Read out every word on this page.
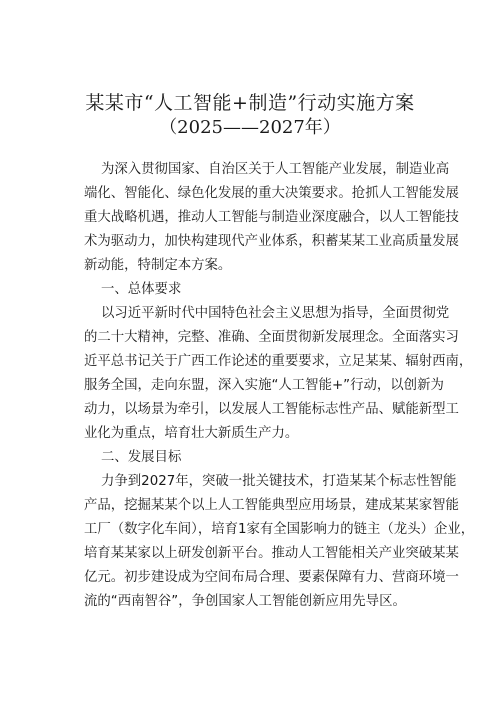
某某市“人工智能+制造”行动实施方案
（2025——2027年）
为深入贯彻国家、自治区关于人工智能产业发展，制造业高
端化、智能化、绿色化发展的重大决策要求。抢抓人工智能发展
重大战略机遇，推动人工智能与制造业深度融合，以人工智能技
术为驱动力，加快构建现代产业体系，积蓄某某工业高质量发展
新动能，特制定本方案。
一、总体要求
以习近平新时代中国特色社会主义思想为指导，全面贯彻党
的二十大精神，完整、准确、全面贯彻新发展理念。全面落实习
近平总书记关于广西工作论述的重要要求，立足某某、辐射西南，
服务全国，走向东盟，深入实施“人工智能+”行动，以创新为
动力，以场景为牵引，以发展人工智能标志性产品、赋能新型工
业化为重点，培育壮大新质生产力。
二、发展目标
力争到2027年，突破一批关键技术，打造某某个标志性智能
产品，挖掘某某个以上人工智能典型应用场景，建成某某家智能
工厂（数字化车间），培育1家有全国影响力的链主（龙头）企业，
培育某某家以上研发创新平台。推动人工智能相关产业突破某某
亿元。初步建设成为空间布局合理、要素保障有力、营商环境一
流的“西南智谷”，争创国家人工智能创新应用先导区。
